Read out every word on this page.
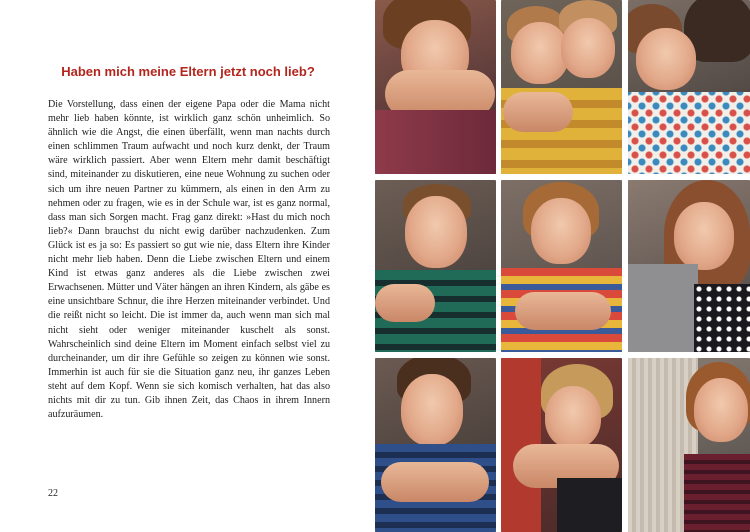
Haben mich meine Eltern jetzt noch lieb?

Die Vorstellung, dass einen der eigene Papa oder die Mama nicht mehr lieb haben könnte, ist wirklich ganz schön unheimlich. So ähnlich wie die Angst, die einen überfällt, wenn man nachts durch einen schlimmen Traum aufwacht und noch kurz denkt, der Traum wäre wirklich passiert. Aber wenn Eltern mehr damit beschäftigt sind, miteinander zu diskutieren, eine neue Wohnung zu suchen oder sich um ihre neuen Partner zu kümmern, als einen in den Arm zu nehmen oder zu fragen, wie es in der Schule war, ist es ganz normal, dass man sich Sorgen macht. Frag ganz direkt: »Hast du mich noch lieb?« Dann brauchst du nicht ewig darüber nachzudenken. Zum Glück ist es ja so: Es passiert so gut wie nie, dass Eltern ihre Kinder nicht mehr lieb haben. Denn die Liebe zwischen Eltern und einem Kind ist etwas ganz anderes als die Liebe zwischen zwei Erwachsenen. Mütter und Väter hängen an ihren Kindern, als gäbe es eine unsichtbare Schnur, die ihre Herzen miteinander verbindet. Und die reißt nicht so leicht. Die ist immer da, auch wenn man sich mal nicht sieht oder weniger miteinander kuschelt als sonst. Wahrscheinlich sind deine Eltern im Moment einfach selbst viel zu durcheinander, um dir ihre Gefühle so zeigen zu können wie sonst. Immerhin ist auch für sie die Situation ganz neu, ihr ganzes Leben steht auf dem Kopf. Wenn sie sich komisch verhalten, hat das also nichts mit dir zu tun. Gib ihnen Zeit, das Chaos in ihrem Innern aufzuräumen.

22
